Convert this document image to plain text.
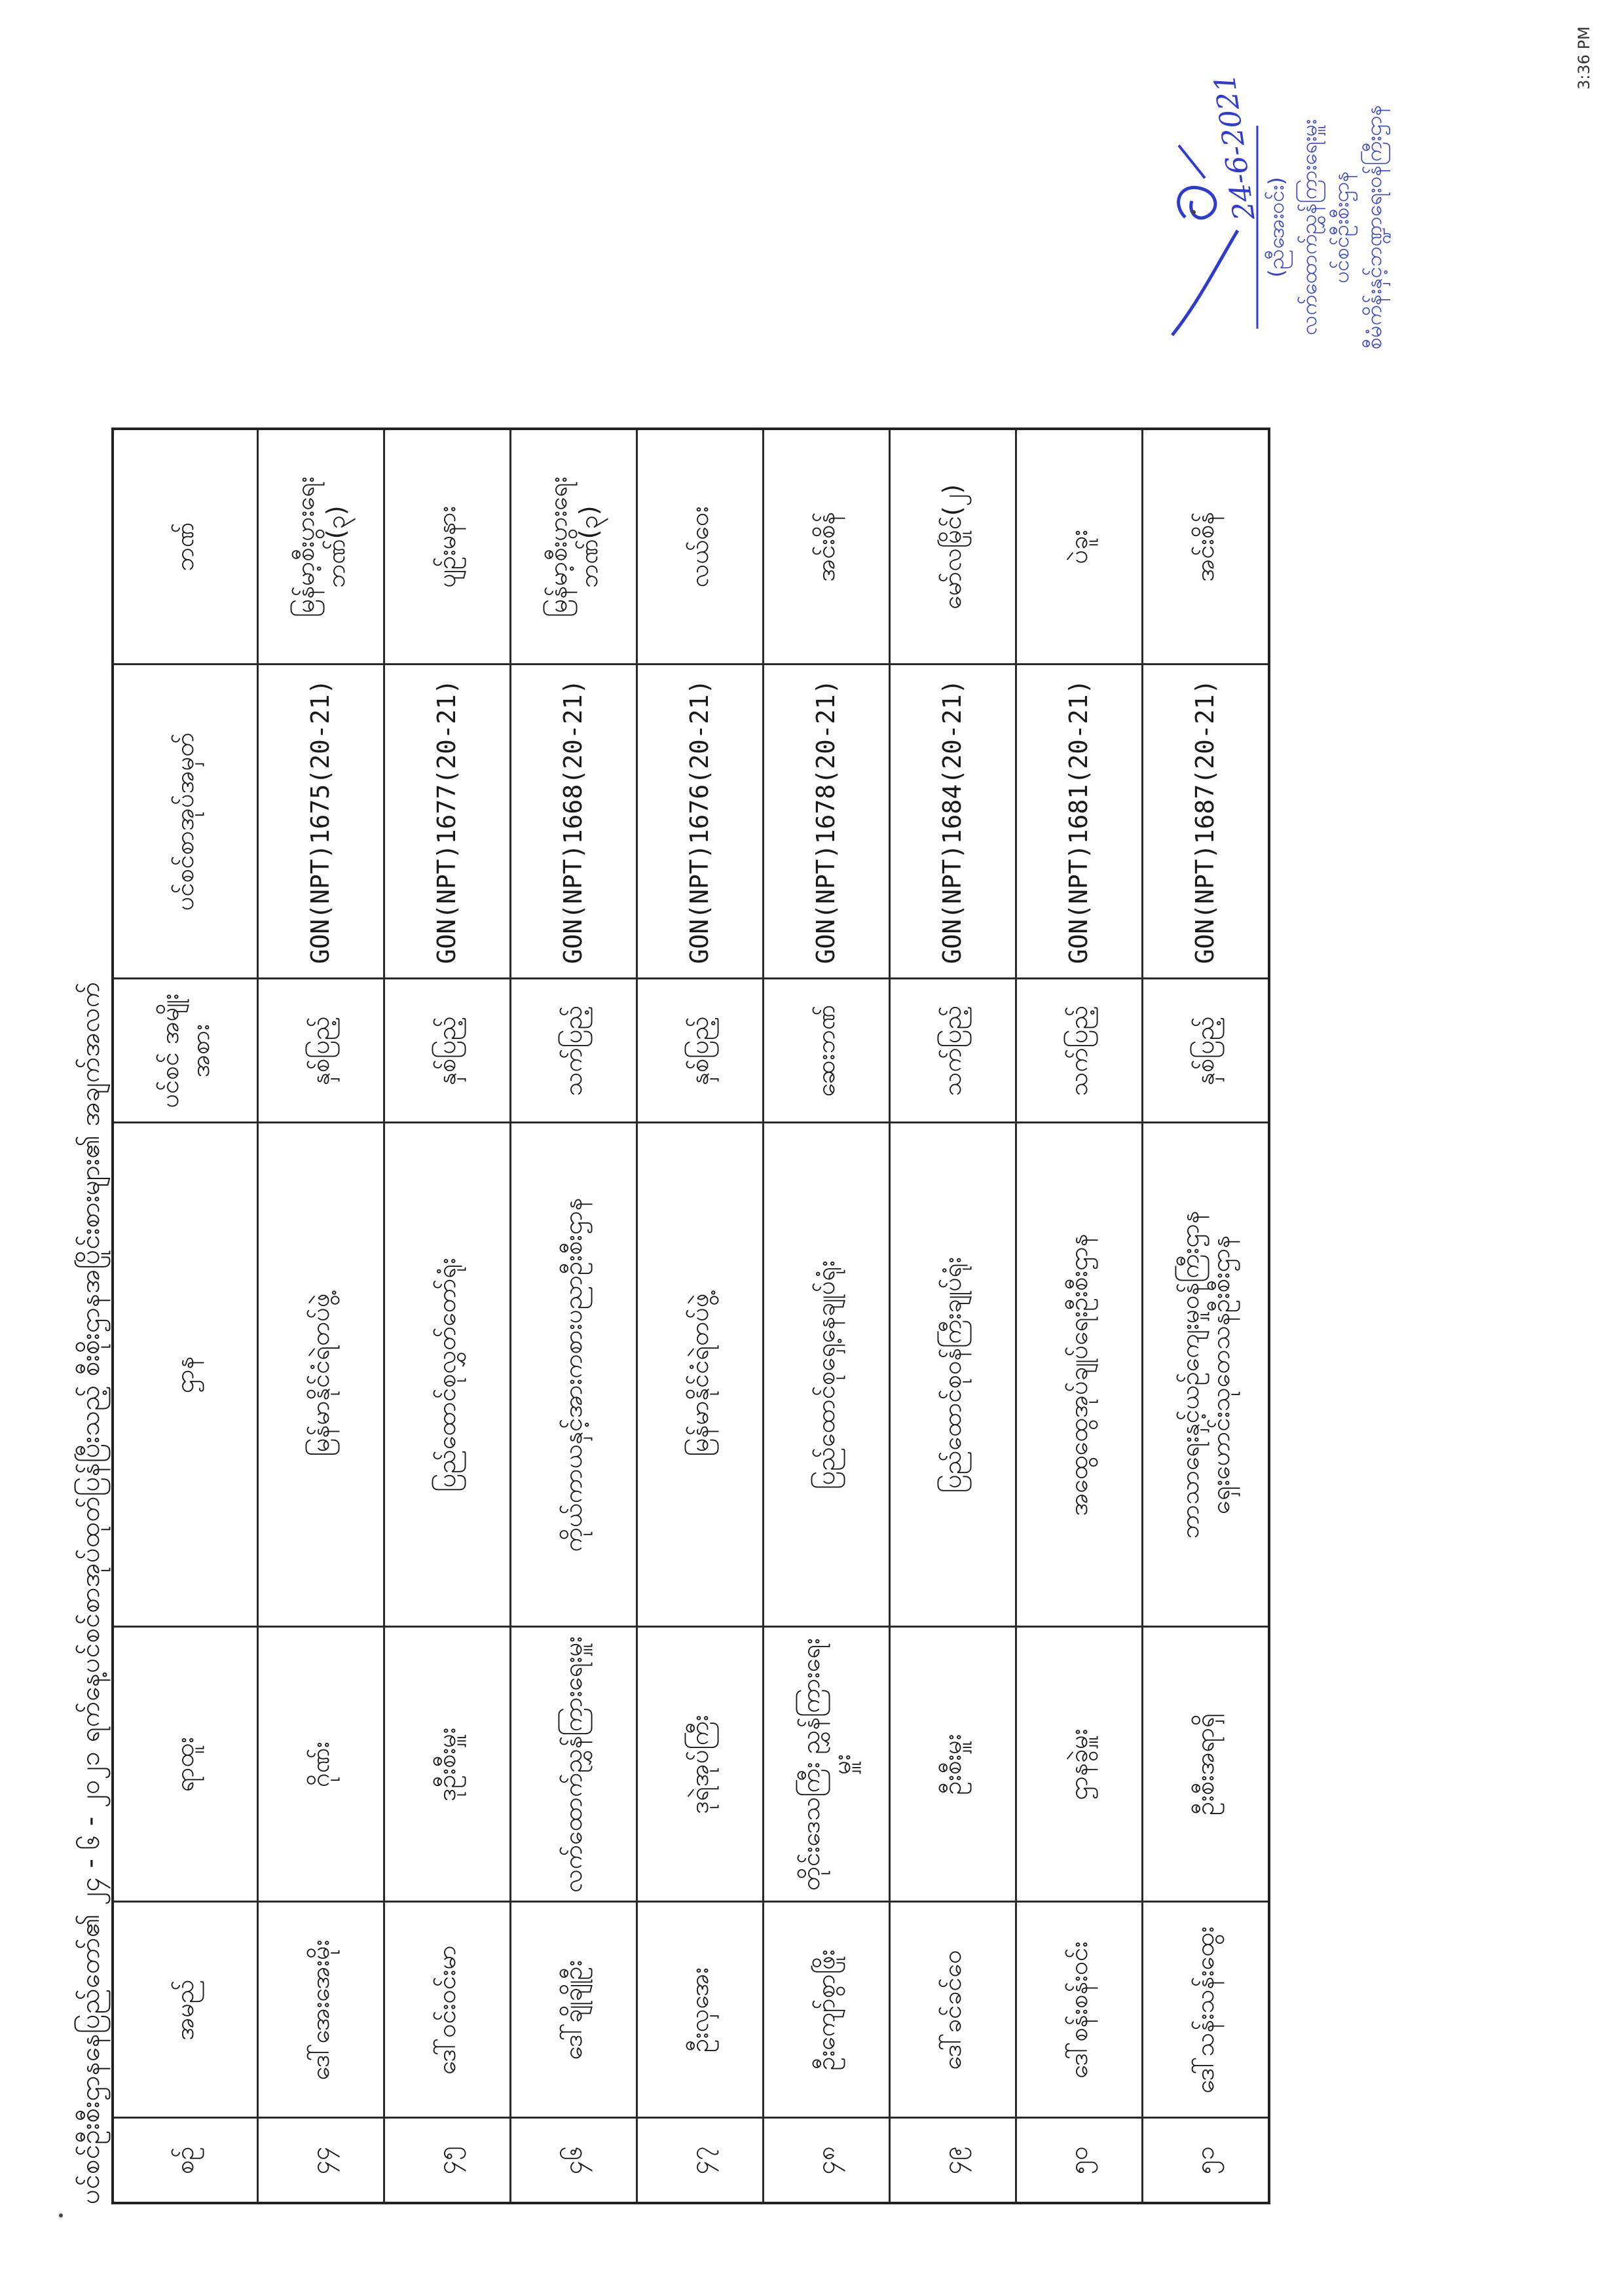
ပင်စင်ဦးစီးဌာနနေပြည်တော်၏ ၂၄ - ၆ - ၂၀၂၁ ရက်နေ့ပင်စင်စာအုပ်ထုတ်ပြန်ပြီးသည့် စီးစိုးဌာနအပြိုင်းစားများ၏ အချက်အလက်	စဉ်	အမည်	ရာထူး	ဌာန	ပင်စင် အမျိုးအစား	ပင်စင်စာအုပ်အမှတ်	ဘဏ်
၄၄	ဒေါ်အေးအေးမိုး	ဂိုဏ်း	မြန်မာနိုင်ငံရဲတပ်ဖွဲ့	နှစ်ပြည့်	GON(NPT)1675(20-21)	မြန်မာ့စီးပွားရေးဘဏ်(၃)
၄၅	ဒေါ်ဝင်းဝင်းမာ	ဒုဦးစီးမှူး	ပြည်ထောင်စုလွှတ်တော်ရုံး	နှစ်ပြည့်	GON(NPT)1677(20-21)	ပျဉ်းမနား
၄၆	ဒေါ်ချိုချိုဦး	လက်ထောက်ညွှန်ကြားရေးမှူး	ကိုယ်ကာယနှင့်အားကစားပညာဦးစီးဌာန	သက်ပြည့်	GON(NPT)1668(20-21)	မြန်မာ့စီးပွားရေးဘဏ်(၃)
၄၇	ဦးလှအေး	ဒုရဲအုပ်ကြီး	မြန်မာနိုင်ငံရဲတပ်ဖွဲ့	နှစ်ပြည့်	GON(NPT)1676(20-21)	လယ်ဝေး
၄၈	ဦးကျော်စွာဖြိုး	တိုင်းဒေသကြီး ညွှန်ကြားရေးမှူး	ပြည်ထောင်စုရှေ့နေချုပ်ရုံး	ဆေးဘဏ်	GON(NPT)1678(20-21)	အင်းစိန်
၄၉	ဒေါ်ခင်ခင်ဝေ	ဦးစီးမှူး	ပြည်ထောင်စုဝန်ကြီးချုပ်ရုံး	သက်ပြည့်	GON(NPT)1684(20-21)	မော်လမြိုင်(၂)
၅၀	ဒေါ်စန်းစန်းဝင်း	ဌာနခွဲမှူး	အထွေထွေအုပ်ချုပ်ရေးဦးစီးဌာန	သက်ပြည့်	GON(NPT)1681(20-21)	ပဲခူး
၅၁	ဒေါ်သန်းသန်းထွေး	ဦးစီးအရာရှိ	ဘာသာရေးနှင့်ယဉ်ကျေးမှုဝန်ကြီးဌာန ရှေးဟောင်းသုတေသနဦးစီးဌာန	နှစ်ပြည့်	GON(NPT)1687(20-21)	အင်းစိန်
24-6-2021
(ညီအေးဝင်း) လက်ထောက်ညွှန်ကြားရေးမှူး ပင်စင်ဦးစီးဌာန စီမံကိန်းနှင့်ဘဏ္ဍာရေးဝန်ကြီးဌာန
3:36 PM
